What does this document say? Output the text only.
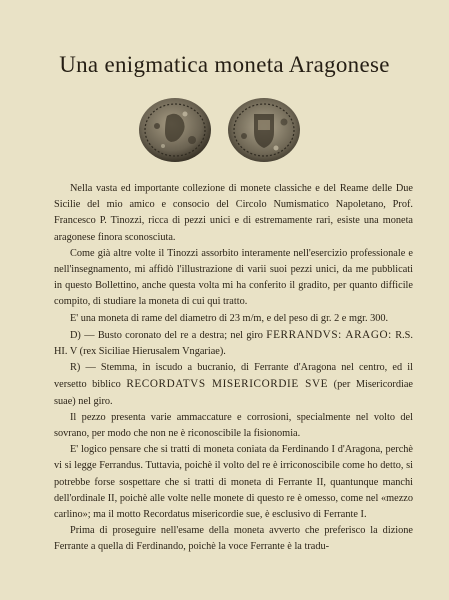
Una enigmatica moneta Aragonese

Nella vasta ed importante collezione di monete classiche e del Reame delle Due Sicilie del mio amico e consocio del Circolo Numismatico Napoletano, Prof. Francesco P. Tinozzi, ricca di pezzi unici e di estremamente rari, esiste una moneta aragonese finora sconosciuta.

Come già altre volte il Tinozzi assorbito interamente nell'esercizio professionale e nell'insegnamento, mi affidò l'illustrazione di varii suoi pezzi unici, da me pubblicati in questo Bollettino, anche questa volta mi ha conferito il gradito, per quanto difficile compito, di studiare la moneta di cui qui tratto.

E' una moneta di rame del diametro di 23 m/m, e del peso di gr. 2 e mgr. 300.

D) — Busto coronato del re a destra; nel giro FERRANDVS: ARAGO: R.S. HI. V (rex Siciliae Hierusalem Vngariae).

R) — Stemma, in iscudo a bucranio, di Ferrante d'Aragona nel centro, ed il versetto biblico RECORDATVS MISERICORDIE SVE (per Misericordiae suae) nel giro.

Il pezzo presenta varie ammaccature e corrosioni, specialmente nel volto del sovrano, per modo che non ne è riconoscibile la fisionomia.

E' logico pensare che si tratti di moneta coniata da Ferdinando I d'Aragona, perchè vi si legge Ferrandus. Tuttavia, poichè il volto del re è irriconoscibile come ho detto, si potrebbe forse sospettare che si tratti di moneta di Ferrante II, quantunque manchi dell'ordinale II, poichè alle volte nelle monete di questo re è omesso, come nel «mezzo carlino»; ma il motto Recordatus misericordie sue, è esclusivo di Ferrante I.

Prima di proseguire nell'esame della moneta avverto che preferisco la dizione Ferrante a quella di Ferdinando, poichè la voce Ferrante è la tradu-
